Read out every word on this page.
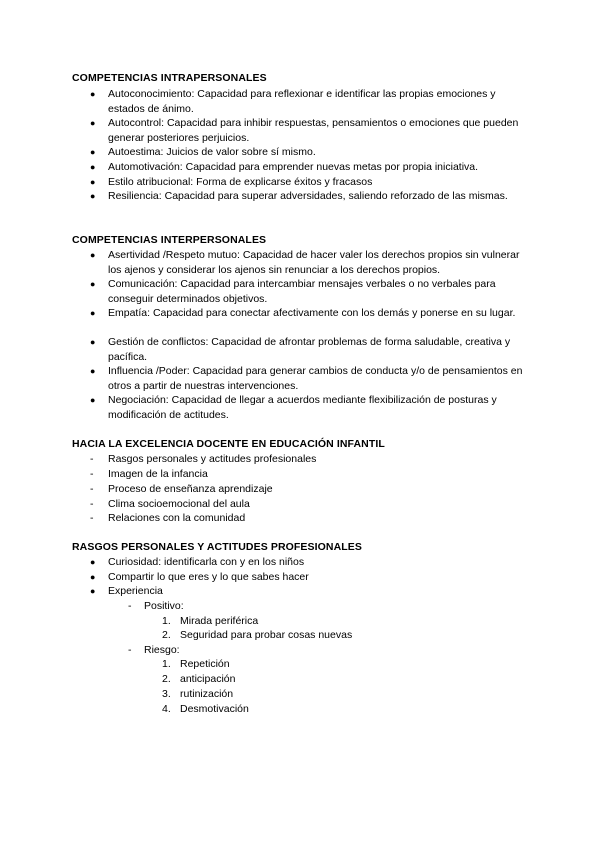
COMPETENCIAS INTRAPERSONALES
● Autoconocimiento: Capacidad para reflexionar e identificar las propias emociones y estados de ánimo.
● Autocontrol: Capacidad para inhibir respuestas, pensamientos o emociones que pueden generar posteriores perjuicios.
● Autoestima: Juicios de valor sobre sí mismo.
● Automotivación: Capacidad para emprender nuevas metas por propia iniciativa.
● Estilo atribucional: Forma de explicarse éxitos y fracasos
● Resiliencia: Capacidad para superar adversidades, saliendo reforzado de las mismas.
COMPETENCIAS INTERPERSONALES
● Asertividad /Respeto mutuo: Capacidad de hacer valer los derechos propios sin vulnerar los ajenos y considerar los ajenos sin renunciar a los derechos propios.
● Comunicación: Capacidad para intercambiar mensajes verbales o no verbales para conseguir determinados objetivos.
● Empatía: Capacidad para conectar afectivamente con los demás y ponerse en su lugar.
● Gestión de conflictos: Capacidad de afrontar problemas de forma saludable, creativa y pacífica.
● Influencia /Poder: Capacidad para generar cambios de conducta y/o de pensamientos en otros a partir de nuestras intervenciones.
● Negociación: Capacidad de llegar a acuerdos mediante flexibilización de posturas y modificación de actitudes.
HACIA LA EXCELENCIA DOCENTE EN EDUCACIÓN INFANTIL
- Rasgos personales y actitudes profesionales
- Imagen de la infancia
- Proceso de enseñanza aprendizaje
- Clima socioemocional del aula
- Relaciones con la comunidad
RASGOS PERSONALES Y ACTITUDES PROFESIONALES
● Curiosidad: identificarla con y en los niños
● Compartir lo que eres y lo que sabes hacer
● Experiencia
- Positivo:
1. Mirada periférica
2. Seguridad para probar cosas nuevas
- Riesgo:
1. Repetición
2. anticipación
3. rutinización
4. Desmotivación
